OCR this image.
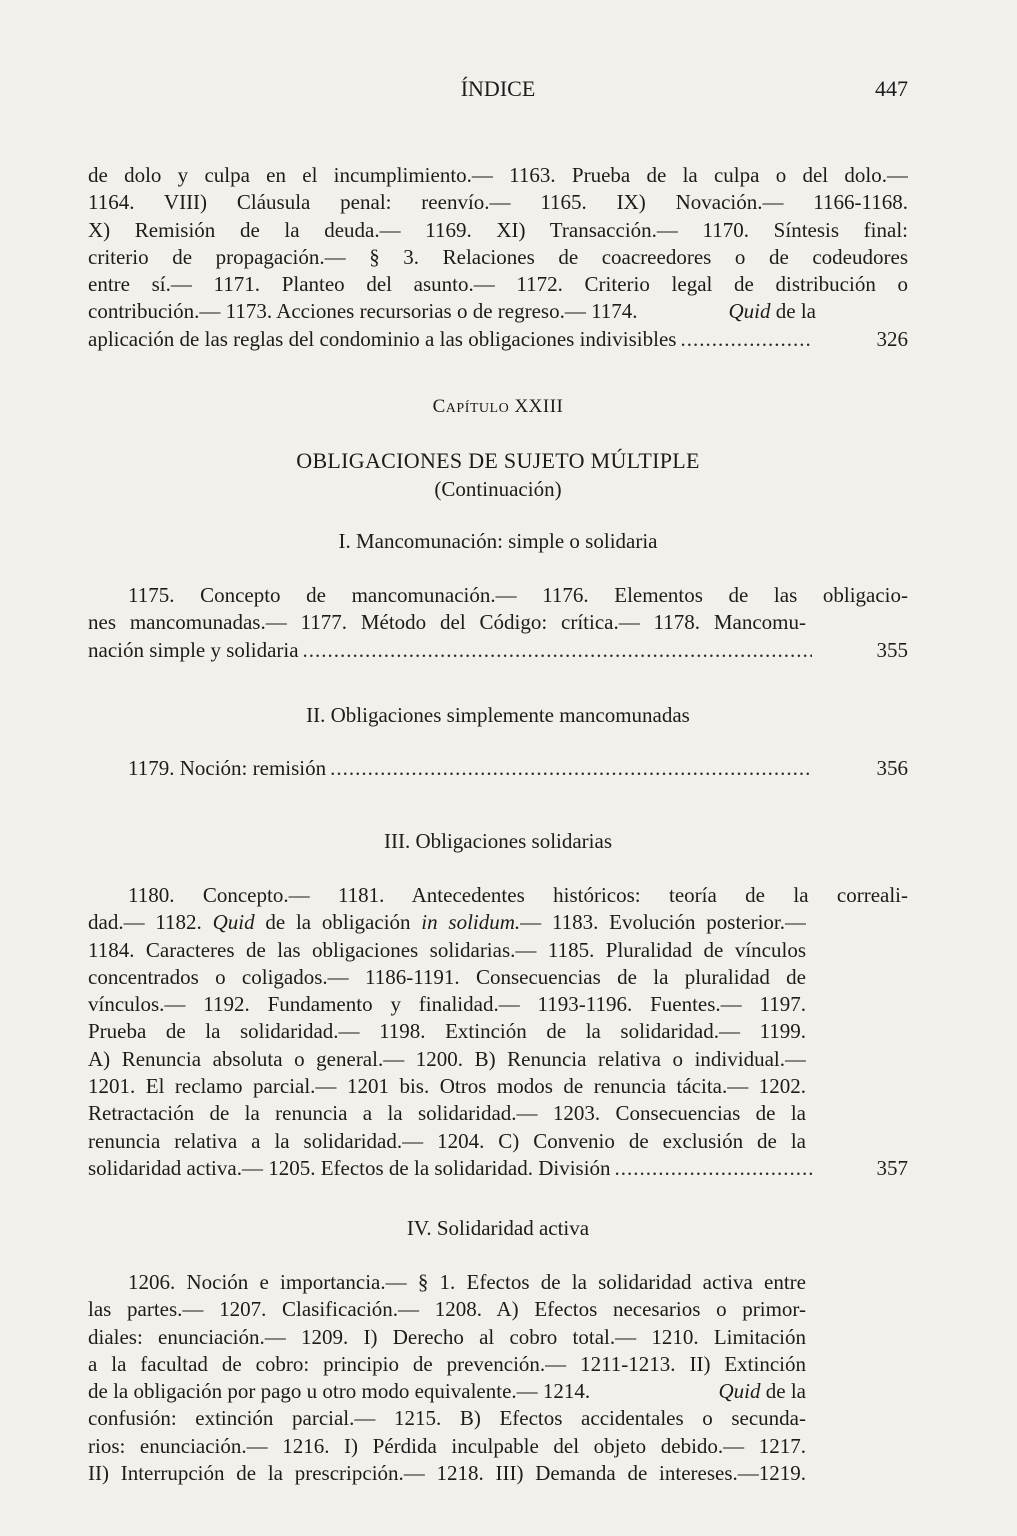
ÍNDICE	447
de dolo y culpa en el incumplimiento.— 1163. Prueba de la culpa o del dolo.—
1164. VIII) Cláusula penal: reenvío.— 1165. IX) Novación.— 1166-1168.
X) Remisión de la deuda.— 1169. XI) Transacción.— 1170. Síntesis final:
criterio de propagación.— § 3. Relaciones de coacreedores o de codeudores
entre sí.— 1171. Planteo del asunto.— 1172. Criterio legal de distribución o
contribución.— 1173. Acciones recursorias o de regreso.— 1174.	Quid de la
aplicación de las reglas del condominio a las obligaciones indivisibles .....	326
CAPÍTULO XXIII
OBLIGACIONES DE SUJETO MÚLTIPLE
(Continuación)
I. Mancomunación: simple o solidaria
1175. Concepto de mancomunación.— 1176. Elementos de las obligacio-
nes mancomunadas.— 1177. Método del Código: crítica.— 1178. Mancomu-
nación simple y solidaria .....	355
II. Obligaciones simplemente mancomunadas
1179. Noción: remisión .....	356
III. Obligaciones solidarias
1180. Concepto.— 1181. Antecedentes históricos: teoría de la correali-
dad.— 1182. Quid de la obligación in solidum.— 1183. Evolución posterior.—
1184. Caracteres de las obligaciones solidarias.— 1185. Pluralidad de vínculos
concentrados o coligados.— 1186-1191. Consecuencias de la pluralidad de
vínculos.— 1192. Fundamento y finalidad.— 1193-1196. Fuentes.— 1197.
Prueba de la solidaridad.— 1198. Extinción de la solidaridad.— 1199.
A) Renuncia absoluta o general.— 1200. B) Renuncia relativa o individual.—
1201. El reclamo parcial.— 1201 bis. Otros modos de renuncia tácita.— 1202.
Retractación de la renuncia a la solidaridad.— 1203. Consecuencias de la
renuncia relativa a la solidaridad.— 1204. C) Convenio de exclusión de la
solidaridad activa.— 1205. Efectos de la solidaridad. División .....	357
IV. Solidaridad activa
1206. Noción e importancia.— § 1. Efectos de la solidaridad activa entre
las partes.— 1207. Clasificación.— 1208. A) Efectos necesarios o primor-
diales: enunciación.— 1209. I) Derecho al cobro total.— 1210. Limitación
a la facultad de cobro: principio de prevención.— 1211-1213. II) Extinción
de la obligación por pago u otro modo equivalente.— 1214.	Quid de la
confusión: extinción parcial.— 1215. B) Efectos accidentales o secunda-
rios: enunciación.— 1216. I) Pérdida inculpable del objeto debido.— 1217.
II) Interrupción de la prescripción.— 1218. III) Demanda de intereses.—1219.
